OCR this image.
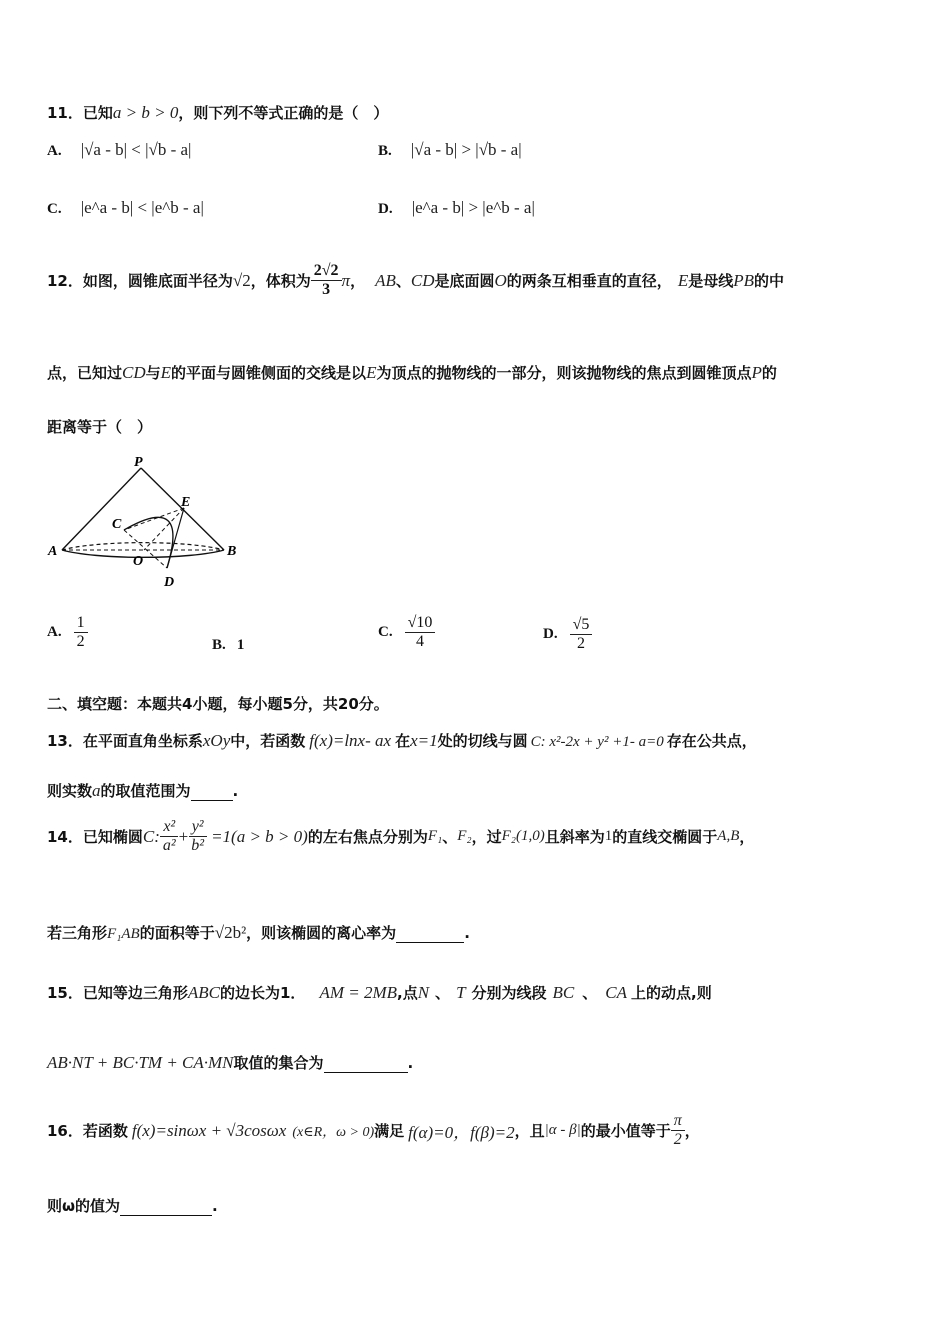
11．已知a > b > 0，则下列不等式正确的是（　）
A. |√a - b| < |√b - a|	B. |√a - b| > |√b - a|
C. |e^a - b| < |e^b - a|	D. |e^a - b| > |e^b - a|
12．如图，圆锥底面半径为 √2 ，体积为 $\frac{2√2}{3}$ π ， AB 、 CD 是底面圆 O 的两条互相垂直的直径， E 是母线 PB 的中
点，已知过CD与E的平面与圆锥侧面的交线是以E为顶点的抛物线的一部分，则该抛物线的焦点到圆锥顶点P的
距离等于（　）
P
E
C
A
O
B
D
A. $\frac{1}{2}$	B. 1
C. $\frac{√10}{4}$	D. $\frac{√5}{2}$
二、填空题：本题共4小题，每小题5分，共20分。
13．在平面直角坐标系xOy中，若函数 f(x)=lnx- ax 在x=1处的切线与圆 C: x²-2x + y² +1- a=0 存在公共点，
则实数a的取值范围为	.
14．已知椭圆 C: $\frac{\text{x²}}{\text{a²}} + \frac{\text{y²}}{\text{b²}} =1(a > b > 0)$ 的左右焦点分别为 F₁ 、 F₂ ，过 F₂(1,0) 且斜率为 1 的直线交椭圆于 A,B ，
若三角形F₁AB的面积等于√2b²，则该椭圆的离心率为	.
15．已知等边三角形ABC的边长为1． AM = 2MB,点N 、 T 分别为线段 BC 、 CA 上的动点,则
AB·NT + BC·TM + CA·MN取值的集合为	.
16．若函数 f(x)=sinωx + √3cosωx (x∈R，ω > 0) 满足 f(α)=0，f(β)=2 ，且 |α - β| 的最小值等于 $\frac{\pi}{2}$ ，
则ω的值为	.
